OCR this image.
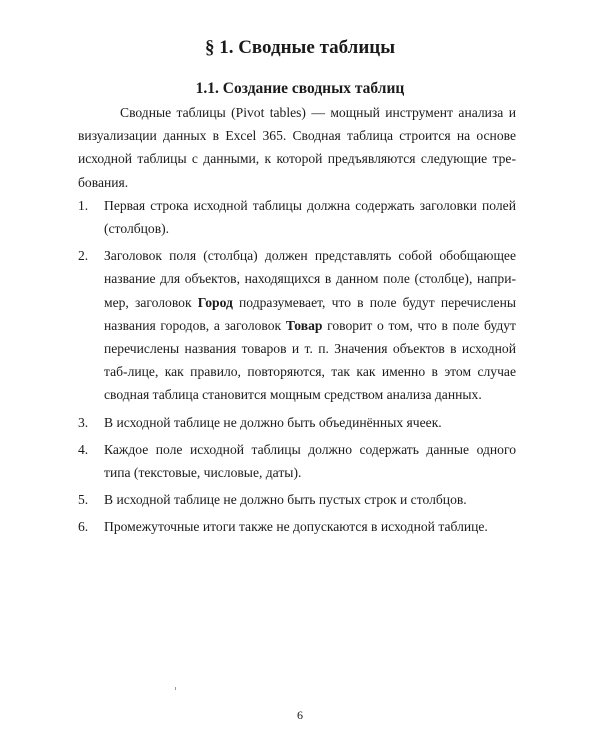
§ 1. Сводные таблицы
1.1. Создание сводных таблиц

Сводные таблицы (Pivot tables) — мощный инструмент анализа и визуализации данных в Excel 365. Сводная таблица строится на основе исходной таблицы с данными, к которой предъявляются следующие тре-бования.

1. Первая строка исходной таблицы должна содержать заголовки полей (столбцов).
2. Заголовок поля (столбца) должен представлять собой обобщающее название для объектов, находящихся в данном поле (столбце), напри-мер, заголовок Город подразумевает, что в поле будут перечислены названия городов, а заголовок Товар говорит о том, что в поле будут перечислены названия товаров и т. п. Значения объектов в исходной таб-лице, как правило, повторяются, так как именно в этом случае сводная таблица становится мощным средством анализа данных.
3. В исходной таблице не должно быть объединённых ячеек.
4. Каждое поле исходной таблицы должно содержать данные одного типа (текстовые, числовые, даты).
5. В исходной таблице не должно быть пустых строк и столбцов.
6. Промежуточные итоги также не допускаются в исходной таблице.
6
